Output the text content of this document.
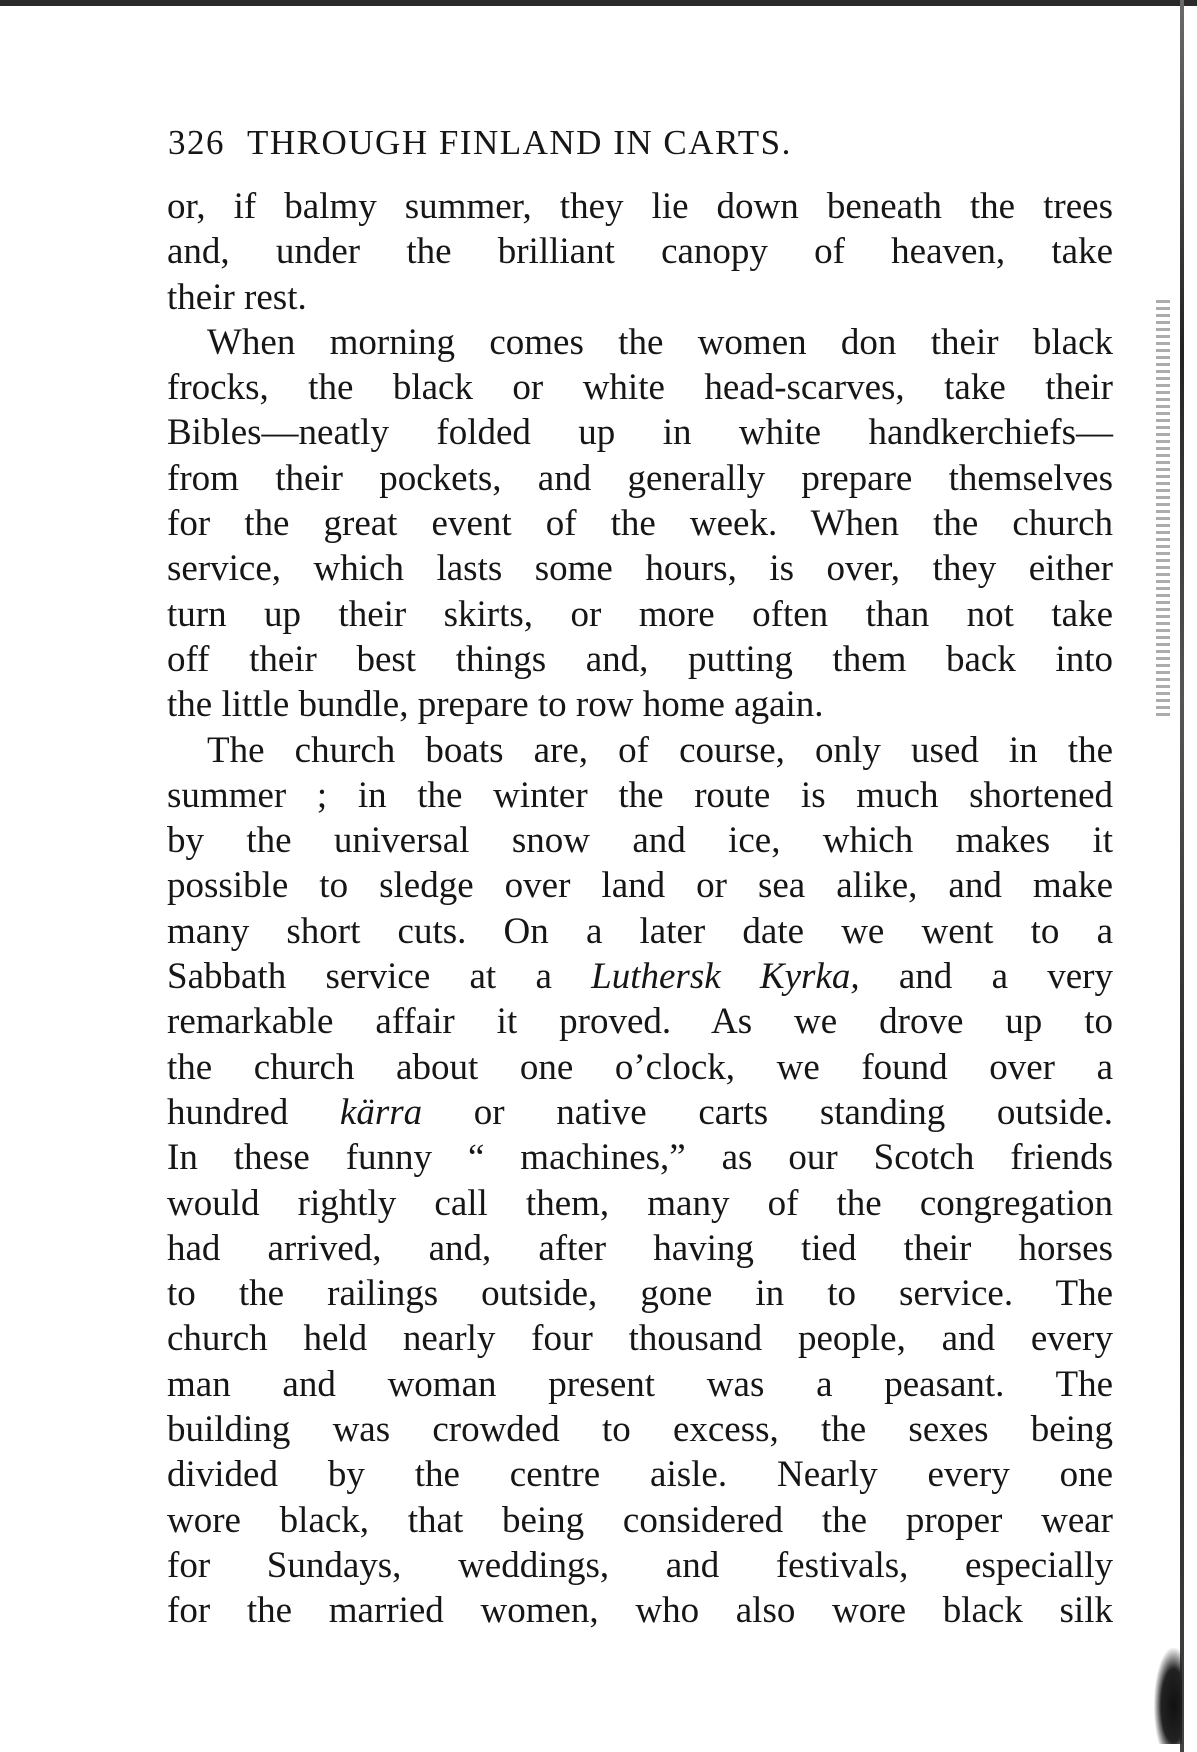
326 THROUGH FINLAND IN CARTS.
or, if balmy summer, they lie down beneath the trees
and, under the brilliant canopy of heaven, take
their rest.
When morning comes the women don their black
frocks, the black or white head-scarves, take their
Bibles—neatly folded up in white handkerchiefs—
from their pockets, and generally prepare themselves
for the great event of the week. When the church
service, which lasts some hours, is over, they either
turn up their skirts, or more often than not take
off their best things and, putting them back into
the little bundle, prepare to row home again.
The church boats are, of course, only used in the
summer ; in the winter the route is much shortened
by the universal snow and ice, which makes it
possible to sledge over land or sea alike, and make
many short cuts. On a later date we went to a
Sabbath service at a Luthersk Kyrka, and a very
remarkable affair it proved. As we drove up to
the church about one o’clock, we found over a
hundred kärra or native carts standing outside.
In these funny “ machines,” as our Scotch friends
would rightly call them, many of the congregation
had arrived, and, after having tied their horses
to the railings outside, gone in to service. The
church held nearly four thousand people, and every
man and woman present was a peasant. The
building was crowded to excess, the sexes being
divided by the centre aisle. Nearly every one
wore black, that being considered the proper wear
for Sundays, weddings, and festivals, especially
for the married women, who also wore black silk
